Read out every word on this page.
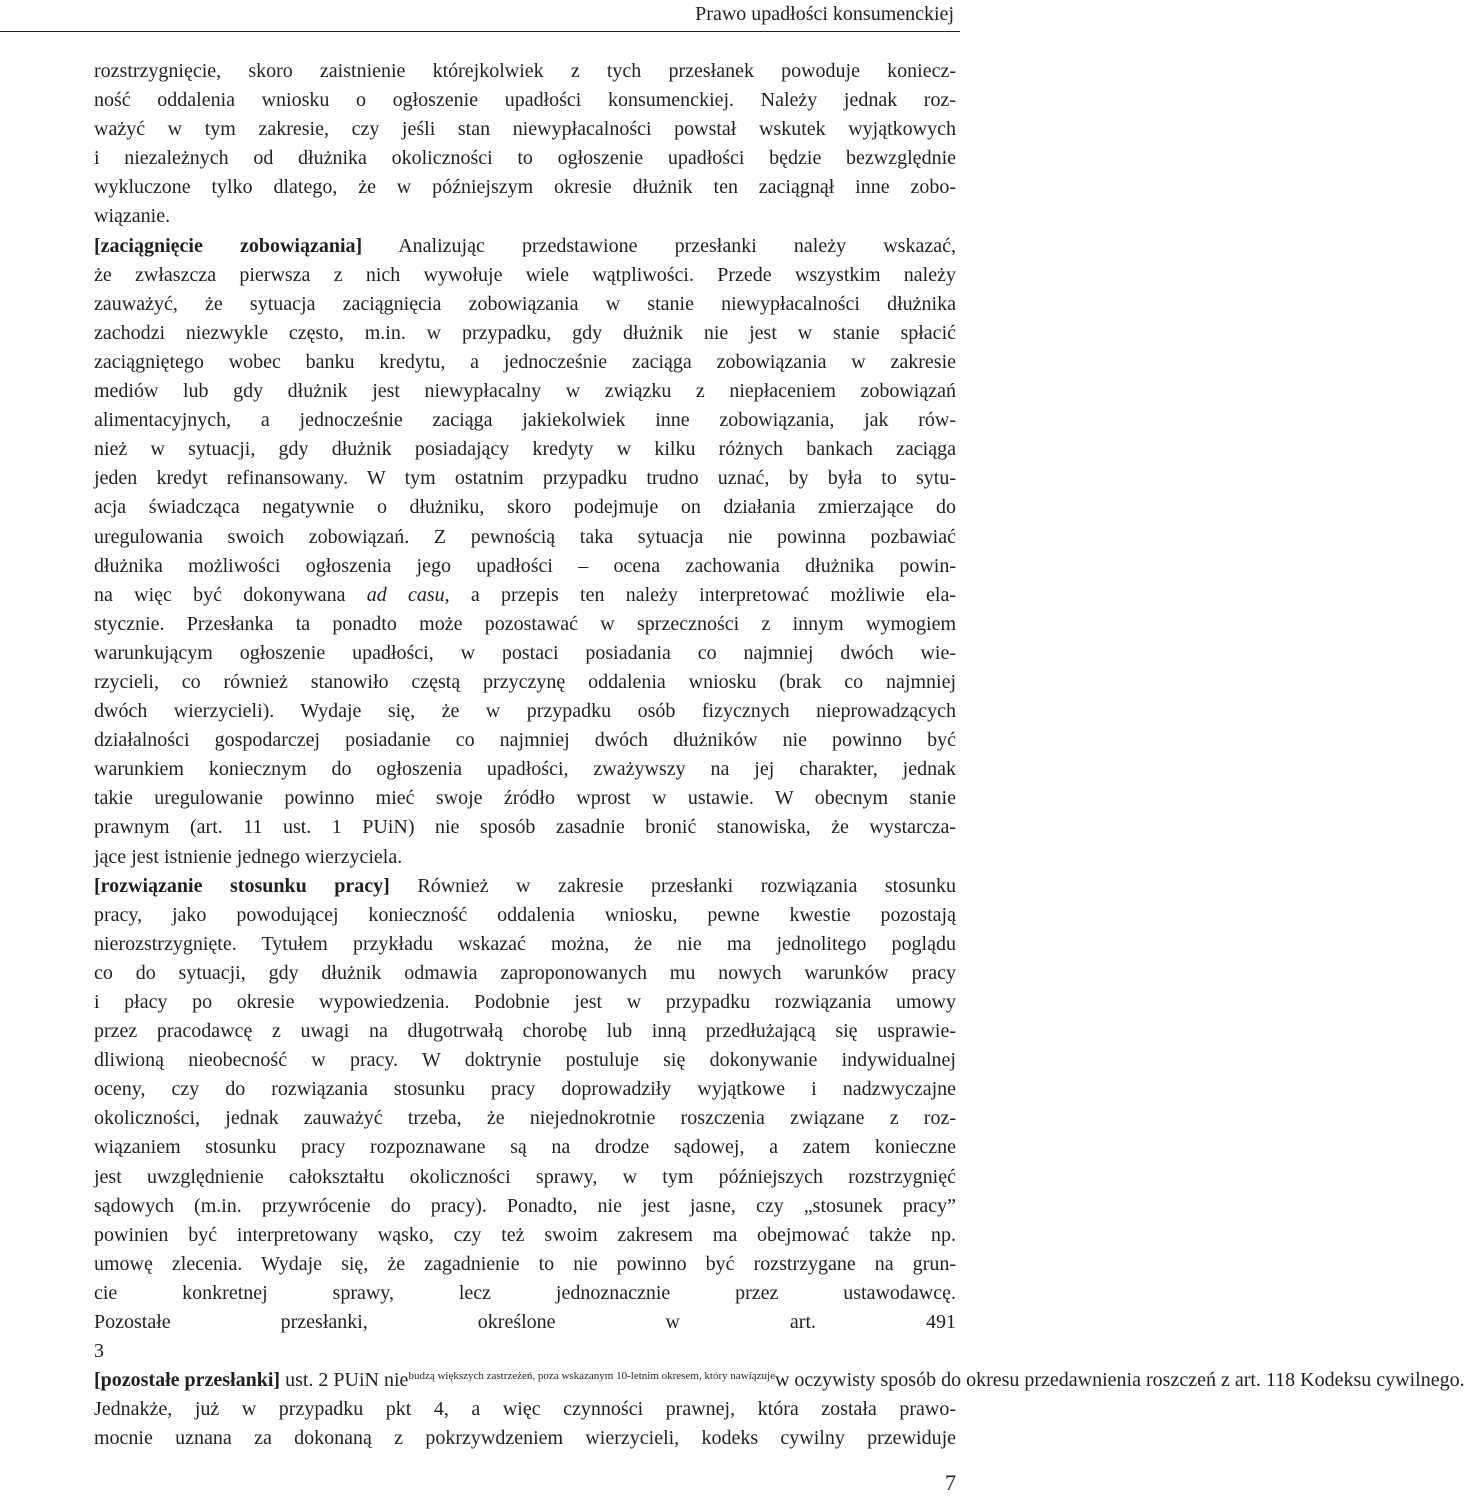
Prawo upadłości konsumenckiej
rozstrzygnięcie, skoro zaistnienie którejkolwiek z tych przesłanek powoduje koniecz-
ność oddalenia wniosku o ogłoszenie upadłości konsumenckiej. Należy jednak roz-
ważyć w tym zakresie, czy jeśli stan niewypłacalności powstał wskutek wyjątkowych
i niezależnych od dłużnika okoliczności to ogłoszenie upadłości będzie bezwzględnie
wykluczone tylko dlatego, że w późniejszym okresie dłużnik ten zaciągnął inne zobo-
wiązanie.
[zaciągnięcie zobowiązania] Analizując przedstawione przesłanki należy wskazać,
że zwłaszcza pierwsza z nich wywołuje wiele wątpliwości. Przede wszystkim należy
zauważyć, że sytuacja zaciągnięcia zobowiązania w stanie niewypłacalności dłużnika
zachodzi niezwykle często, m.in. w przypadku, gdy dłużnik nie jest w stanie spłacić
zaciągniętego wobec banku kredytu, a jednocześnie zaciąga zobowiązania w zakresie
mediów lub gdy dłużnik jest niewypłacalny w związku z niepłaceniem zobowiązań
alimentacyjnych, a jednocześnie zaciąga jakiekolwiek inne zobowiązania, jak rów-
nież w sytuacji, gdy dłużnik posiadający kredyty w kilku różnych bankach zaciąga
jeden kredyt refinansowany. W tym ostatnim przypadku trudno uznać, by była to sytu-
acja świadcząca negatywnie o dłużniku, skoro podejmuje on działania zmierzające do
uregulowania swoich zobowiązań. Z pewnością taka sytuacja nie powinna pozbawiać
dłużnika możliwości ogłoszenia jego upadłości – ocena zachowania dłużnika powin-
na więc być dokonywana ad casu, a przepis ten należy interpretować możliwie ela-
stycznie. Przesłanka ta ponadto może pozostawać w sprzeczności z innym wymogiem
warunkującym ogłoszenie upadłości, w postaci posiadania co najmniej dwóch wie-
rzycieli, co również stanowiło częstą przyczynę oddalenia wniosku (brak co najmniej
dwóch wierzycieli). Wydaje się, że w przypadku osób fizycznych nieprowadzących
działalności gospodarczej posiadanie co najmniej dwóch dłużników nie powinno być
warunkiem koniecznym do ogłoszenia upadłości, zważywszy na jej charakter, jednak
takie uregulowanie powinno mieć swoje źródło wprost w ustawie. W obecnym stanie
prawnym (art. 11 ust. 1 PUiN) nie sposób zasadnie bronić stanowiska, że wystarcza-
jące jest istnienie jednego wierzyciela.
[rozwiązanie stosunku pracy] Również w zakresie przesłanki rozwiązania stosunku
pracy, jako powodującej konieczność oddalenia wniosku, pewne kwestie pozostają
nierozstrzygnięte. Tytułem przykładu wskazać można, że nie ma jednolitego poglądu
co do sytuacji, gdy dłużnik odmawia zaproponowanych mu nowych warunków pracy
i płacy po okresie wypowiedzenia. Podobnie jest w przypadku rozwiązania umowy
przez pracodawcę z uwagi na długotrwałą chorobę lub inną przedłużającą się usprawie-
dliwioną nieobecność w pracy. W doktrynie postuluje się dokonywanie indywidualnej
oceny, czy do rozwiązania stosunku pracy doprowadziły wyjątkowe i nadzwyczajne
okoliczności, jednak zauważyć trzeba, że niejednokrotnie roszczenia związane z roz-
wiązaniem stosunku pracy rozpoznawane są na drodze sądowej, a zatem konieczne
jest uwzględnienie całokształtu okoliczności sprawy, w tym późniejszych rozstrzygnięć
sądowych (m.in. przywrócenie do pracy). Ponadto, nie jest jasne, czy „stosunek pracy”
powinien być interpretowany wąsko, czy też swoim zakresem ma obejmować także np.
umowę zlecenia. Wydaje się, że zagadnienie to nie powinno być rozstrzygane na grun-
cie konkretnej sprawy, lecz jednoznacznie przez ustawodawcę.
Pozostałe przesłanki, określone w art. 491
3
[pozostałe przesłanki] ust. 2 PUiN nie$^{budzą większych zastrzeżeń, poza wskazanym 10-letnim okresem, który nawiązuje}$w oczywisty sposób do okresu przedawnienia roszczeń z art. 118 Kodeksu cywilnego.
Jednakże, już w przypadku pkt 4, a więc czynności prawnej, która została prawo-
mocnie uznana za dokonaną z pokrzywdzeniem wierzycieli, kodeks cywilny przewiduje
7
